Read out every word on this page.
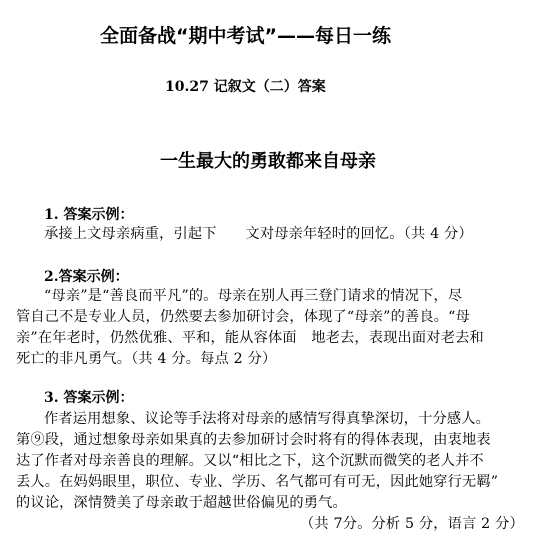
全面备战“期中考试”——每日一练
10.27 记叙文（二）答案
一生最大的勇敢都来自母亲
1. 答案示例：
承接上文母亲病重，引起下　　文对母亲年轻时的回忆。（共 4 分）
2.答案示例：
“母亲”是“善良而平凡”的。母亲在别人再三登门请求的情况下，尽
管自己不是专业人员，仍然要去参加研讨会，体现了“母亲”的善良。“母
亲”在年老时，仍然优雅、平和，能从容体面　地老去，表现出面对老去和
死亡的非凡勇气。（共 4 分。每点 2 分）
3. 答案示例：
作者运用想象、议论等手法将对母亲的感情写得真挚深切，十分感人。
第⑨段，通过想象母亲如果真的去参加研讨会时将有的得体表现，由衷地表
达了作者对母亲善良的理解。又以“相比之下，这个沉默而微笑的老人并不
丢人。在妈妈眼里，职位、专业、学历、名气都可有可无，因此她穿行无羁”
的议论，深情赞美了母亲敢于超越世俗偏见的勇气。
（共 7分。分析 5 分，语言 2 分）
